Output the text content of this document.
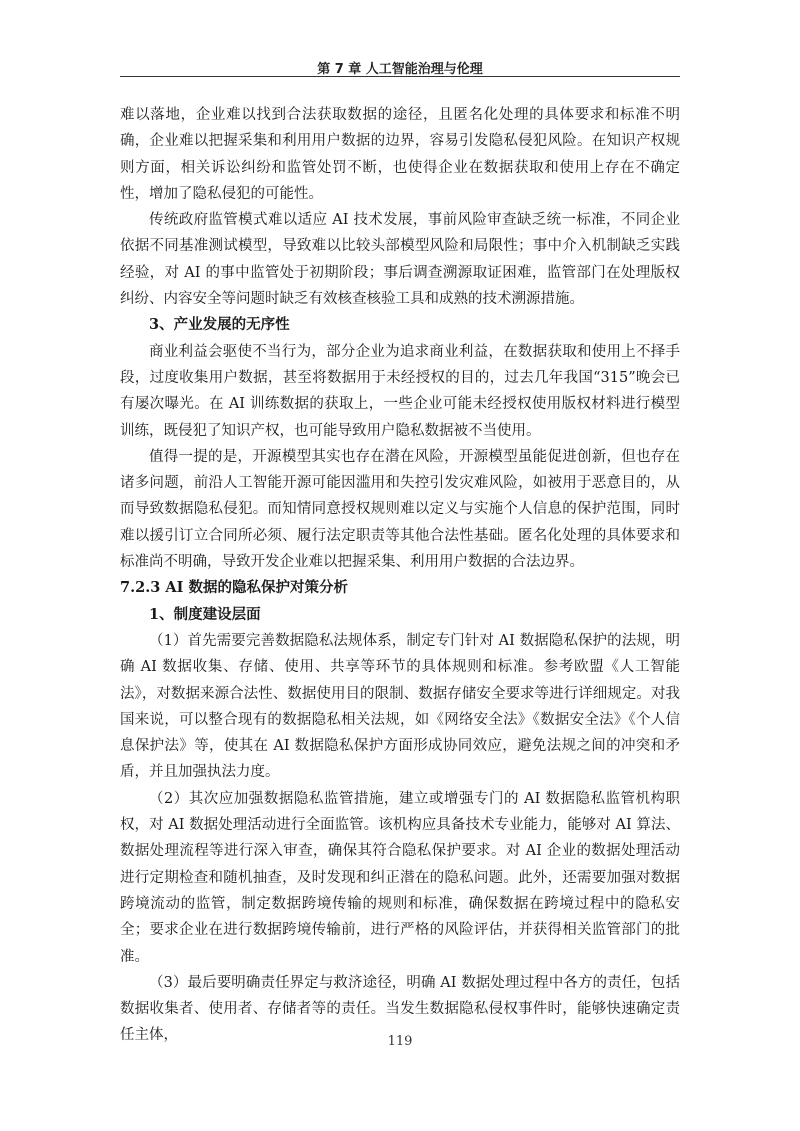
第 7 章 人工智能治理与伦理

难以落地，企业难以找到合法获取数据的途径，且匿名化处理的具体要求和标准不明确，企业难以把握采集和利用用户数据的边界，容易引发隐私侵犯风险。在知识产权规则方面，相关诉讼纠纷和监管处罚不断，也使得企业在数据获取和使用上存在不确定性，增加了隐私侵犯的可能性。

传统政府监管模式难以适应 AI 技术发展，事前风险审查缺乏统一标准，不同企业依据不同基准测试模型，导致难以比较头部模型风险和局限性；事中介入机制缺乏实践经验，对 AI 的事中监管处于初期阶段；事后调查溯源取证困难，监管部门在处理版权纠纷、内容安全等问题时缺乏有效核查核验工具和成熟的技术溯源措施。

3、产业发展的无序性

商业利益会驱使不当行为，部分企业为追求商业利益，在数据获取和使用上不择手段，过度收集用户数据，甚至将数据用于未经授权的目的，过去几年我国“315”晚会已有屡次曝光。在 AI 训练数据的获取上，一些企业可能未经授权使用版权材料进行模型训练，既侵犯了知识产权，也可能导致用户隐私数据被不当使用。

值得一提的是，开源模型其实也存在潜在风险，开源模型虽能促进创新，但也存在诸多问题，前沿人工智能开源可能因滥用和失控引发灾难风险，如被用于恶意目的，从而导致数据隐私侵犯。而知情同意授权规则难以定义与实施个人信息的保护范围，同时难以援引订立合同所必须、履行法定职责等其他合法性基础。匿名化处理的具体要求和标准尚不明确，导致开发企业难以把握采集、利用用户数据的合法边界。

7.2.3 AI 数据的隐私保护对策分析
1、制度建设层面

（1）首先需要完善数据隐私法规体系，制定专门针对 AI 数据隐私保护的法规，明确 AI 数据收集、存储、使用、共享等环节的具体规则和标准。参考欧盟《人工智能法》，对数据来源合法性、数据使用目的限制、数据存储安全要求等进行详细规定。对我国来说，可以整合现有的数据隐私相关法规，如《网络安全法》《数据安全法》《个人信息保护法》等，使其在 AI 数据隐私保护方面形成协同效应，避免法规之间的冲突和矛盾，并且加强执法力度。

（2）其次应加强数据隐私监管措施，建立或增强专门的 AI 数据隐私监管机构职权，对 AI 数据处理活动进行全面监管。该机构应具备技术专业能力，能够对 AI 算法、数据处理流程等进行深入审查，确保其符合隐私保护要求。对 AI 企业的数据处理活动进行定期检查和随机抽查，及时发现和纠正潜在的隐私问题。此外，还需要加强对数据跨境流动的监管，制定数据跨境传输的规则和标准，确保数据在跨境过程中的隐私安全；要求企业在进行数据跨境传输前，进行严格的风险评估，并获得相关监管部门的批准。

（3）最后要明确责任界定与救济途径，明确 AI 数据处理过程中各方的责任，包括数据收集者、使用者、存储者等的责任。当发生数据隐私侵权事件时，能够快速确定责任主体，	119
